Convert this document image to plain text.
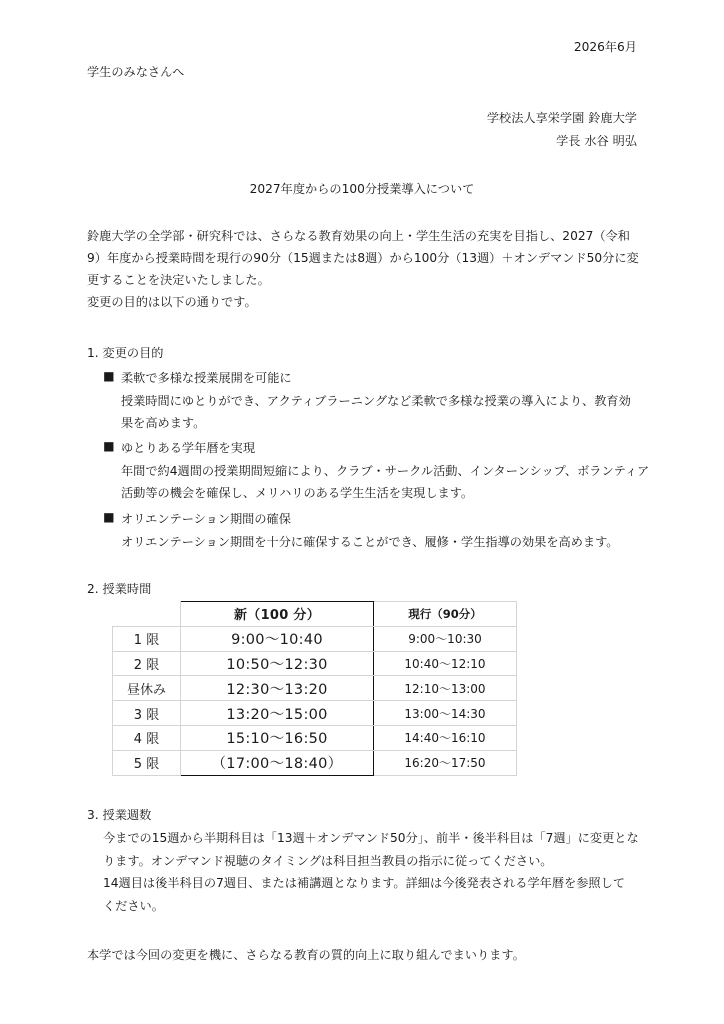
2026年6月
学生のみなさんへ
学校法人享栄学園 鈴鹿大学
学長 水谷 明弘
2027年度からの100分授業導入について
鈴鹿大学の全学部・研究科では、さらなる教育効果の向上・学生生活の充実を目指し、2027（令和
9）年度から授業時間を現行の90分（15週または8週）から100分（13週）＋オンデマンド50分に変
更することを決定いたしました。
変更の目的は以下の通りです。
1. 変更の目的
■ 柔軟で多様な授業展開を可能に
授業時間にゆとりができ、アクティブラーニングなど柔軟で多様な授業の導入により、教育効
果を高めます。
■ ゆとりある学年暦を実現
年間で約4週間の授業期間短縮により、クラブ・サークル活動、インターンシップ、ボランティア
活動等の機会を確保し、メリハリのある学生生活を実現します。
■ オリエンテーション期間の確保
オリエンテーション期間を十分に確保することができ、履修・学生指導の効果を高めます。
2. 授業時間
	新（100 分）	現行（90分）
1 限	9:00～10:40	9:00～10:30
2 限	10:50～12:30	10:40～12:10
昼休み	12:30～13:20	12:10～13:00
3 限	13:20～15:00	13:00～14:30
4 限	15:10～16:50	14:40～16:10
5 限	（17:00～18:40）	16:20～17:50
3. 授業週数
今までの15週から半期科目は「13週＋オンデマンド50分」、前半・後半科目は「7週」に変更とな
ります。オンデマンド視聴のタイミングは科目担当教員の指示に従ってください。
14週目は後半科目の7週目、または補講週となります。詳細は今後発表される学年暦を参照して
ください。
本学では今回の変更を機に、さらなる教育の質的向上に取り組んでまいります。
